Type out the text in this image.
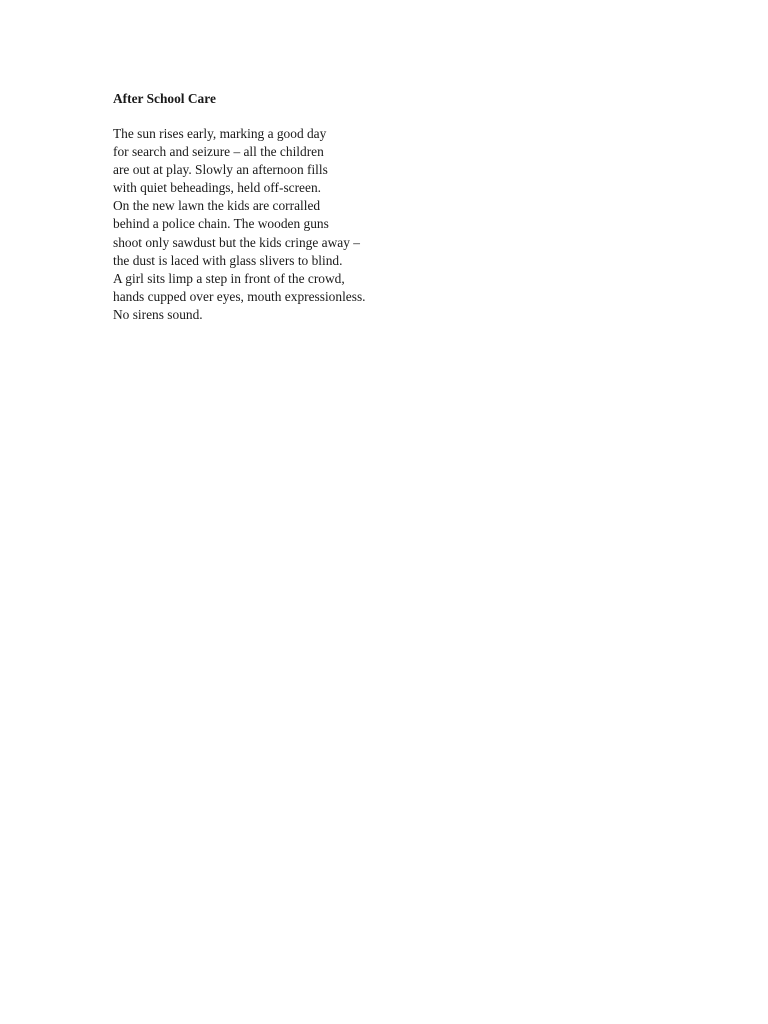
After School Care

The sun rises early, marking a good day

for search and seizure – all the children

are out at play. Slowly an afternoon fills

with quiet beheadings, held off-screen.

On the new lawn the kids are corralled

behind a police chain. The wooden guns

shoot only sawdust but the kids cringe away –

the dust is laced with glass slivers to blind.

A girl sits limp a step in front of the crowd,

hands cupped over eyes, mouth expressionless.

No sirens sound.
